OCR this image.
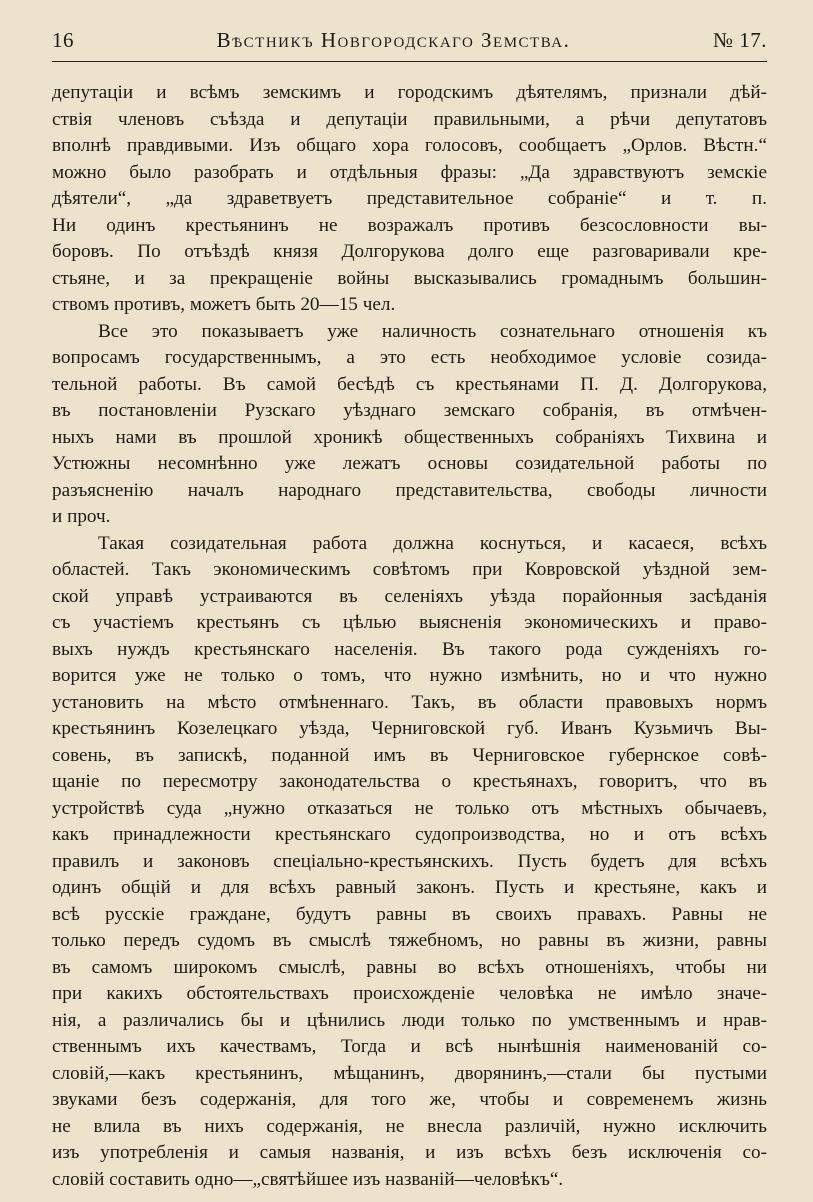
16	Вѣстникъ Новгородскаго Земства.	№ 17.

депутацiи и всѣмъ земскимъ и городскимъ дѣятелямъ, признали дѣй-
ствiя членовъ съѣзда и депутацiи правильными, а рѣчи депутатовъ
вполнѣ правдивыми. Изъ общаго хора голосовъ, сообщаетъ „Орлов. Вѣстн.“
можно было разобрать и отдѣльныя фразы: „Да здравствуютъ земскiе
дѣятели“, „да здраветвуетъ представительное собранiе“ и т. п.
Ни одинъ крестьянинъ не возражалъ противъ безсословности вы-
боровъ. По отъѣздѣ князя Долгорукова долго еще разговаривали кре-
стьяне, и за прекращенiе войны высказывались громаднымъ большин-
ствомъ противъ, можетъ быть 20—15 чел.

Все это показываетъ уже наличность сознательнаго отношенiя къ
вопросамъ государственнымъ, а это есть необходимое условiе созида-
тельной работы. Въ самой бесѣдѣ съ крестьянами П. Д. Долгорукова,
въ постановленiи Рузскаго уѣзднаго земскаго собранiя, въ отмѣчен-
ныхъ нами въ прошлой хроникѣ общественныхъ собранiяхъ Тихвина и
Устюжны несомнѣнно уже лежатъ основы созидательной работы по
разъясненiю началъ народнаго представительства, свободы личности
и проч.

Такая созидательная работа должна коснуться, и касаеся, всѣхъ
областей. Такъ экономическимъ совѣтомъ при Ковровской уѣздной зем-
ской управѣ устраиваются въ селенiяхъ уѣзда порайонныя засѣданiя
съ участiемъ крестьянъ съ цѣлью выясненiя экономическихъ и право-
выхъ нуждъ крестьянскаго населенiя. Въ такого рода сужденiяхъ го-
ворится уже не только о томъ, что нужно измѣнить, но и что нужно
установить на мѣсто отмѣненнаго. Такъ, въ области правовыхъ нормъ
крестьянинъ Козелецкаго уѣзда, Черниговской губ. Иванъ Кузьмичъ Вы-
совень, въ запискѣ, поданной имъ въ Черниговское губернское совѣ-
щанiе по пересмотру законодательства о крестьянахъ, говоритъ, что въ
устройствѣ суда „нужно отказаться не только отъ мѣстныхъ обычаевъ,
какъ принадлежности крестьянскаго судопроизводства, но и отъ всѣхъ
правилъ и законовъ спецiально-крестьянскихъ. Пусть будетъ для всѣхъ
одинъ общiй и для всѣхъ равный законъ. Пусть и крестьяне, какъ и
всѣ русскiе граждане, будутъ равны въ своихъ правахъ. Равны не
только передъ судомъ въ смыслѣ тяжебномъ, но равны въ жизни, равны
въ самомъ широкомъ смыслѣ, равны во всѣхъ отношенiяхъ, чтобы ни
при какихъ обстоятельствахъ происхожденiе человѣка не имѣло значе-
нiя, а различались бы и цѣнились люди только по умственнымъ и нрав-
ственнымъ ихъ качествамъ, Тогда и всѣ нынѣшнiя наименованiй со-
словiй,—какъ крестьянинъ, мѣщанинъ, дворянинъ,—стали бы пустыми
звуками безъ содержанiя, для того же, чтобы и современемъ жизнь
не влила въ нихъ содержанiя, не внесла различiй, нужно исключить
изъ употребленiя и самыя названiя, и изъ всѣхъ безъ исключенiя со-
словiй составить одно—„святѣйшее изъ названiй—человѣкъ“.
